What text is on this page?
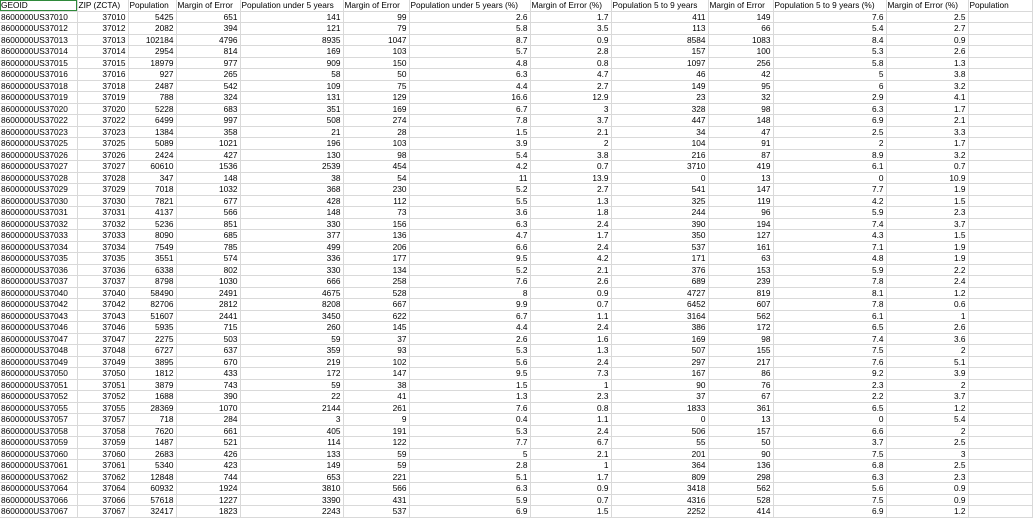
GEOID	ZIP (ZCTA)	Population	Margin of Error	Population under 5 years	Margin of Error	Population under 5 years (%)	Margin of Error (%)	Population 5 to 9 years	Margin of Error	Population 5 to 9 years (%)	Margin of Error (%)	Population
8600000US37010	37010	5425	651	141	99	2.6	1.7	411	149	7.6	2.5	
8600000US37012	37012	2082	394	121	79	5.8	3.5	113	66	5.4	2.7	
8600000US37013	37013	102184	4796	8935	1047	8.7	0.9	8584	1083	8.4	0.9	
8600000US37014	37014	2954	814	169	103	5.7	2.8	157	100	5.3	2.6	
8600000US37015	37015	18979	977	909	150	4.8	0.8	1097	256	5.8	1.3	
8600000US37016	37016	927	265	58	50	6.3	4.7	46	42	5	3.8	
8600000US37018	37018	2487	542	109	75	4.4	2.7	149	95	6	3.2	
8600000US37019	37019	788	324	131	129	16.6	12.9	23	32	2.9	4.1	
8600000US37020	37020	5228	683	351	169	6.7	3	328	98	6.3	1.7	
8600000US37022	37022	6499	997	508	274	7.8	3.7	447	148	6.9	2.1	
8600000US37023	37023	1384	358	21	28	1.5	2.1	34	47	2.5	3.3	
8600000US37025	37025	5089	1021	196	103	3.9	2	104	91	2	1.7	
8600000US37026	37026	2424	427	130	98	5.4	3.8	216	87	8.9	3.2	
8600000US37027	37027	60610	1536	2539	454	4.2	0.7	3710	419	6.1	0.7	
8600000US37028	37028	347	148	38	54	11	13.9	0	13	0	10.9	
8600000US37029	37029	7018	1032	368	230	5.2	2.7	541	147	7.7	1.9	
8600000US37030	37030	7821	677	428	112	5.5	1.3	325	119	4.2	1.5	
8600000US37031	37031	4137	566	148	73	3.6	1.8	244	96	5.9	2.3	
8600000US37032	37032	5236	851	330	156	6.3	2.4	390	194	7.4	3.7	
8600000US37033	37033	8090	685	377	136	4.7	1.7	350	127	4.3	1.5	
8600000US37034	37034	7549	785	499	206	6.6	2.4	537	161	7.1	1.9	
8600000US37035	37035	3551	574	336	177	9.5	4.2	171	63	4.8	1.9	
8600000US37036	37036	6338	802	330	134	5.2	2.1	376	153	5.9	2.2	
8600000US37037	37037	8798	1030	666	258	7.6	2.6	689	239	7.8	2.4	
8600000US37040	37040	58490	2491	4675	528	8	0.9	4727	819	8.1	1.2	
8600000US37042	37042	82706	2812	8208	667	9.9	0.7	6452	607	7.8	0.6	
8600000US37043	37043	51607	2441	3450	622	6.7	1.1	3164	562	6.1	1	
8600000US37046	37046	5935	715	260	145	4.4	2.4	386	172	6.5	2.6	
8600000US37047	37047	2275	503	59	37	2.6	1.6	169	98	7.4	3.6	
8600000US37048	37048	6727	637	359	93	5.3	1.3	507	155	7.5	2	
8600000US37049	37049	3895	670	219	102	5.6	2.4	297	217	7.6	5.1	
8600000US37050	37050	1812	433	172	147	9.5	7.3	167	86	9.2	3.9	
8600000US37051	37051	3879	743	59	38	1.5	1	90	76	2.3	2	
8600000US37052	37052	1688	390	22	41	1.3	2.3	37	67	2.2	3.7	
8600000US37055	37055	28369	1070	2144	261	7.6	0.8	1833	361	6.5	1.2	
8600000US37057	37057	718	284	3	9	0.4	1.1	0	13	0	5.4	
8600000US37058	37058	7620	661	405	191	5.3	2.4	506	157	6.6	2	
8600000US37059	37059	1487	521	114	122	7.7	6.7	55	50	3.7	2.5	
8600000US37060	37060	2683	426	133	59	5	2.1	201	90	7.5	3	
8600000US37061	37061	5340	423	149	59	2.8	1	364	136	6.8	2.5	
8600000US37062	37062	12848	744	653	221	5.1	1.7	809	298	6.3	2.3	
8600000US37064	37064	60932	1924	3810	566	6.3	0.9	3418	562	5.6	0.9	
8600000US37066	37066	57618	1227	3390	431	5.9	0.7	4316	528	7.5	0.9	
8600000US37067	37067	32417	1823	2243	537	6.9	1.5	2252	414	6.9	1.2	
